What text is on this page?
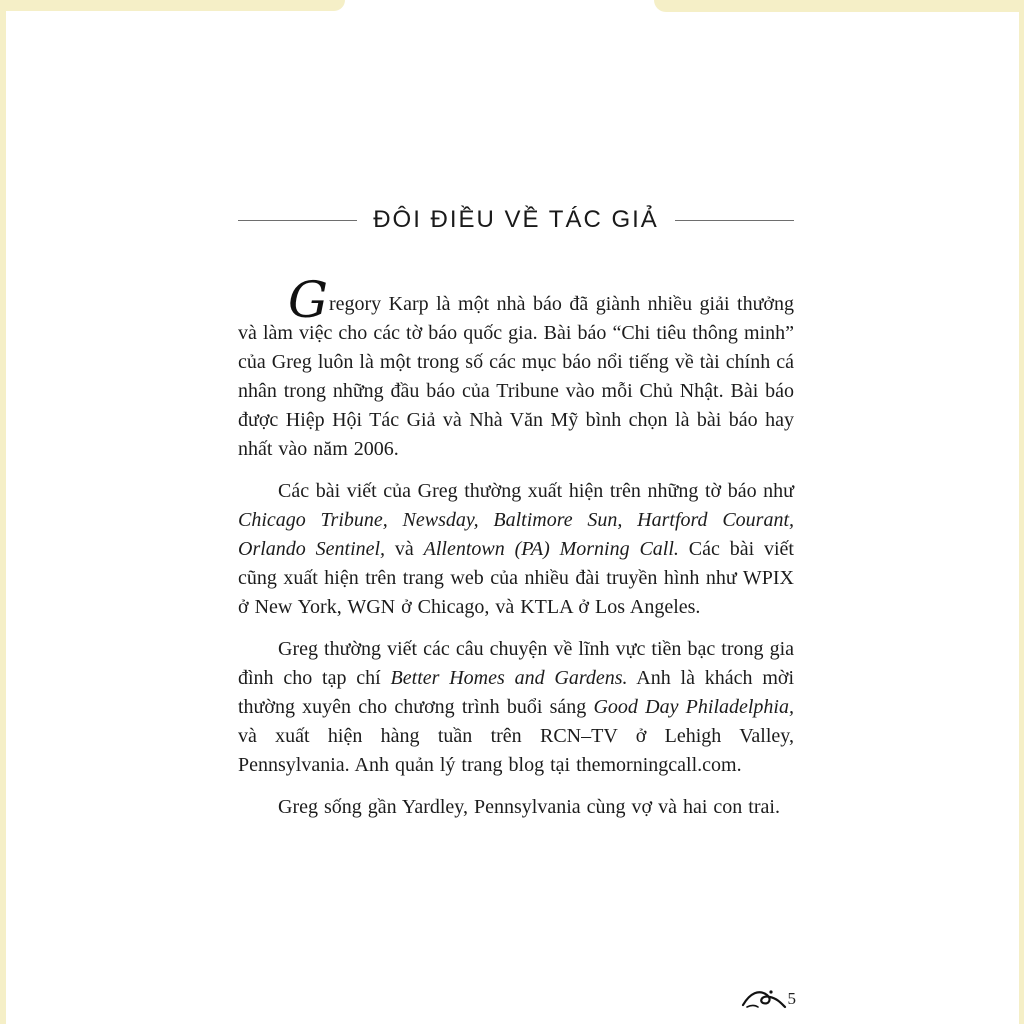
ĐÔI ĐIỀU VỀ TÁC GIẢ

Gregory Karp là một nhà báo đã giành nhiều giải thưởng và làm việc cho các tờ báo quốc gia. Bài báo “Chi tiêu thông minh” của Greg luôn là một trong số các mục báo nổi tiếng về tài chính cá nhân trong những đầu báo của Tribune vào mỗi Chủ Nhật. Bài báo được Hiệp Hội Tác Giả và Nhà Văn Mỹ bình chọn là bài báo hay nhất vào năm 2006.

Các bài viết của Greg thường xuất hiện trên những tờ báo như Chicago Tribune, Newsday, Baltimore Sun, Hartford Courant, Orlando Sentinel, và Allentown (PA) Morning Call. Các bài viết cũng xuất hiện trên trang web của nhiều đài truyền hình như WPIX ở New York, WGN ở Chicago, và KTLA ở Los Angeles.

Greg thường viết các câu chuyện về lĩnh vực tiền bạc trong gia đình cho tạp chí Better Homes and Gardens. Anh là khách mời thường xuyên cho chương trình buổi sáng Good Day Philadelphia, và xuất hiện hàng tuần trên RCN–TV ở Lehigh Valley, Pennsylvania. Anh quản lý trang blog tại themorningcall.com.

Greg sống gần Yardley, Pennsylvania cùng vợ và hai con trai.

5
